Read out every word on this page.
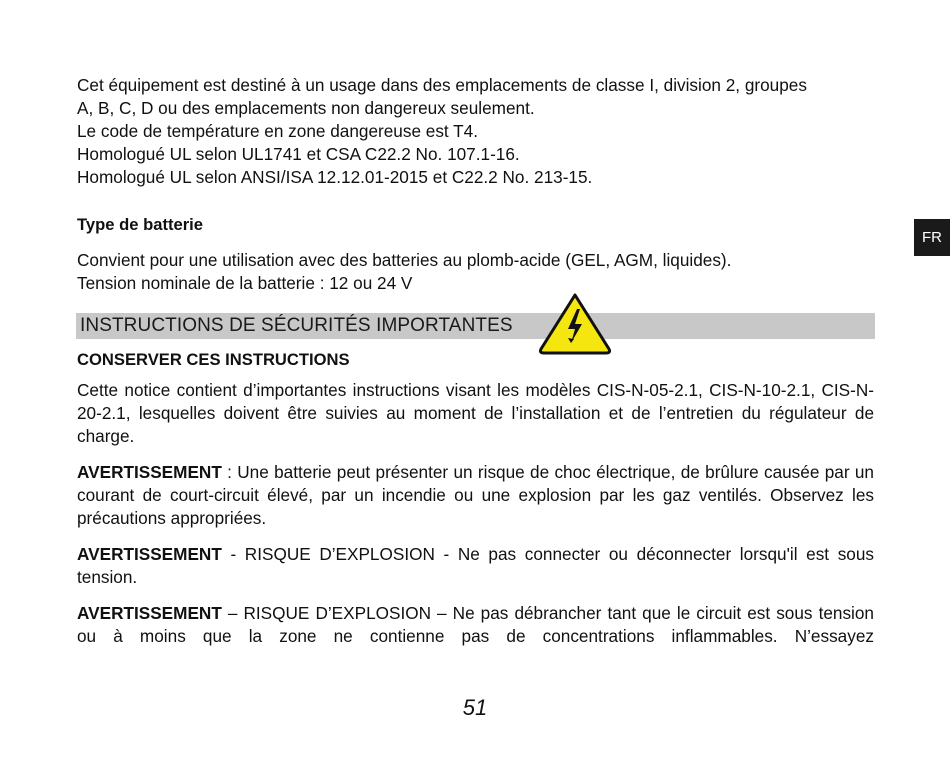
Cet équipement est destiné à un usage dans des emplacements de classe I, division 2, groupes
A, B, C, D ou des emplacements non dangereux seulement.
Le code de température en zone dangereuse est T4.
Homologué UL selon UL1741 et CSA C22.2 No. 107.1-16.
Homologué UL selon ANSI/ISA 12.12.01-2015 et C22.2 No. 213-15.

Type de batterie

Convient pour une utilisation avec des batteries au plomb-acide (GEL, AGM, liquides).
Tension nominale de la batterie : 12 ou 24 V

INSTRUCTIONS DE SÉCURITÉS IMPORTANTES

CONSERVER CES INSTRUCTIONS

Cette notice contient d’importantes instructions visant les modèles CIS-N-05-2.1, CIS-N-10-2.1, CIS-N-20-2.1, lesquelles doivent être suivies au moment de l’installation et de l’entretien du régulateur de charge.

AVERTISSEMENT : Une batterie peut présenter un risque de choc électrique, de brûlure causée par un courant de court-circuit élevé, par un incendie ou une explosion par les gaz ventilés. Observez les précautions appropriées.

AVERTISSEMENT - RISQUE D’EXPLOSION - Ne pas connecter ou déconnecter lorsqu'il est sous tension.

AVERTISSEMENT – RISQUE D’EXPLOSION – Ne pas débrancher tant que le circuit est sous tension ou à moins que la zone ne contienne pas de concentrations inflammables. N’essayez

FR
51
